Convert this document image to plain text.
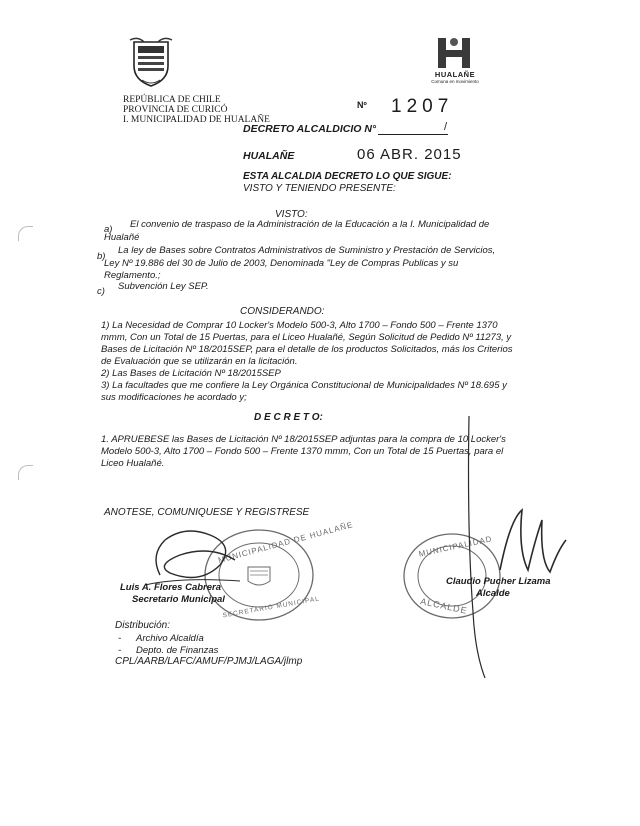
HUALAÑE
Comuna en movimiento
REPÚBLICA DE CHILE
PROVINCIA DE CURICÓ
I. MUNICIPALIDAD DE HUALAÑE
Nº 1207
DECRETO ALCALDICIO N°	/
HUALAÑE	06 ABR. 2015
ESTA ALCALDIA DECRETO LO QUE SIGUE:
VISTO Y TENIENDO PRESENTE:
VISTO:
a) El convenio de traspaso de la Administración de la Educación a la I. Municipalidad de
Hualañé
b)
La ley de Bases sobre Contratos Administrativos de Suministro y Prestación de Servicios,
Ley Nº 19.886 del 30 de Julio de 2003, Denominada "Ley de Compras Publicas y su
Reglamento.;
c) Subvención Ley SEP.
CONSIDERANDO:
1) La Necesidad de Comprar 10 Locker's Modelo 500-3, Alto 1700 – Fondo 500 – Frente 1370
mmm, Con un Total de 15 Puertas, para el Liceo Hualañé, Según Solicitud de Pedido Nº 11273, y
Bases de Licitación Nº 18/2015SEP, para el detalle de los productos Solicitados, más los Criterios
de Evaluación que se utilizarán en la licitación.
2) Las Bases de Licitación Nº 18/2015SEP
3) La facultades que me confiere la Ley Orgánica Constitucional de Municipalidades Nº 18.695 y
sus modificaciones he acordado y;
D E C R E T O:
1. APRUEBESE las Bases de Licitación Nº 18/2015SEP adjuntas para la compra de 10 Locker's
Modelo 500-3, Alto 1700 – Fondo 500 – Frente 1370 mmm, Con un Total de 15 Puertas, para el
Liceo Hualañé.
ANOTESE, COMUNIQUESE Y REGISTRESE
MUNICIPALIDAD DE HUALAÑE
SECRETARIO MUNICIPAL
MUNICIPALIDAD
ALCALDE
Luis A. Flores Cabrera
Secretario Municipal
Claudio Pucher Lizama
Alcalde
Distribución:
- Archivo Alcaldía
- Depto. de Finanzas
CPL/AARB/LAFC/AMUF/PJMJ/LAGA/jlmp
